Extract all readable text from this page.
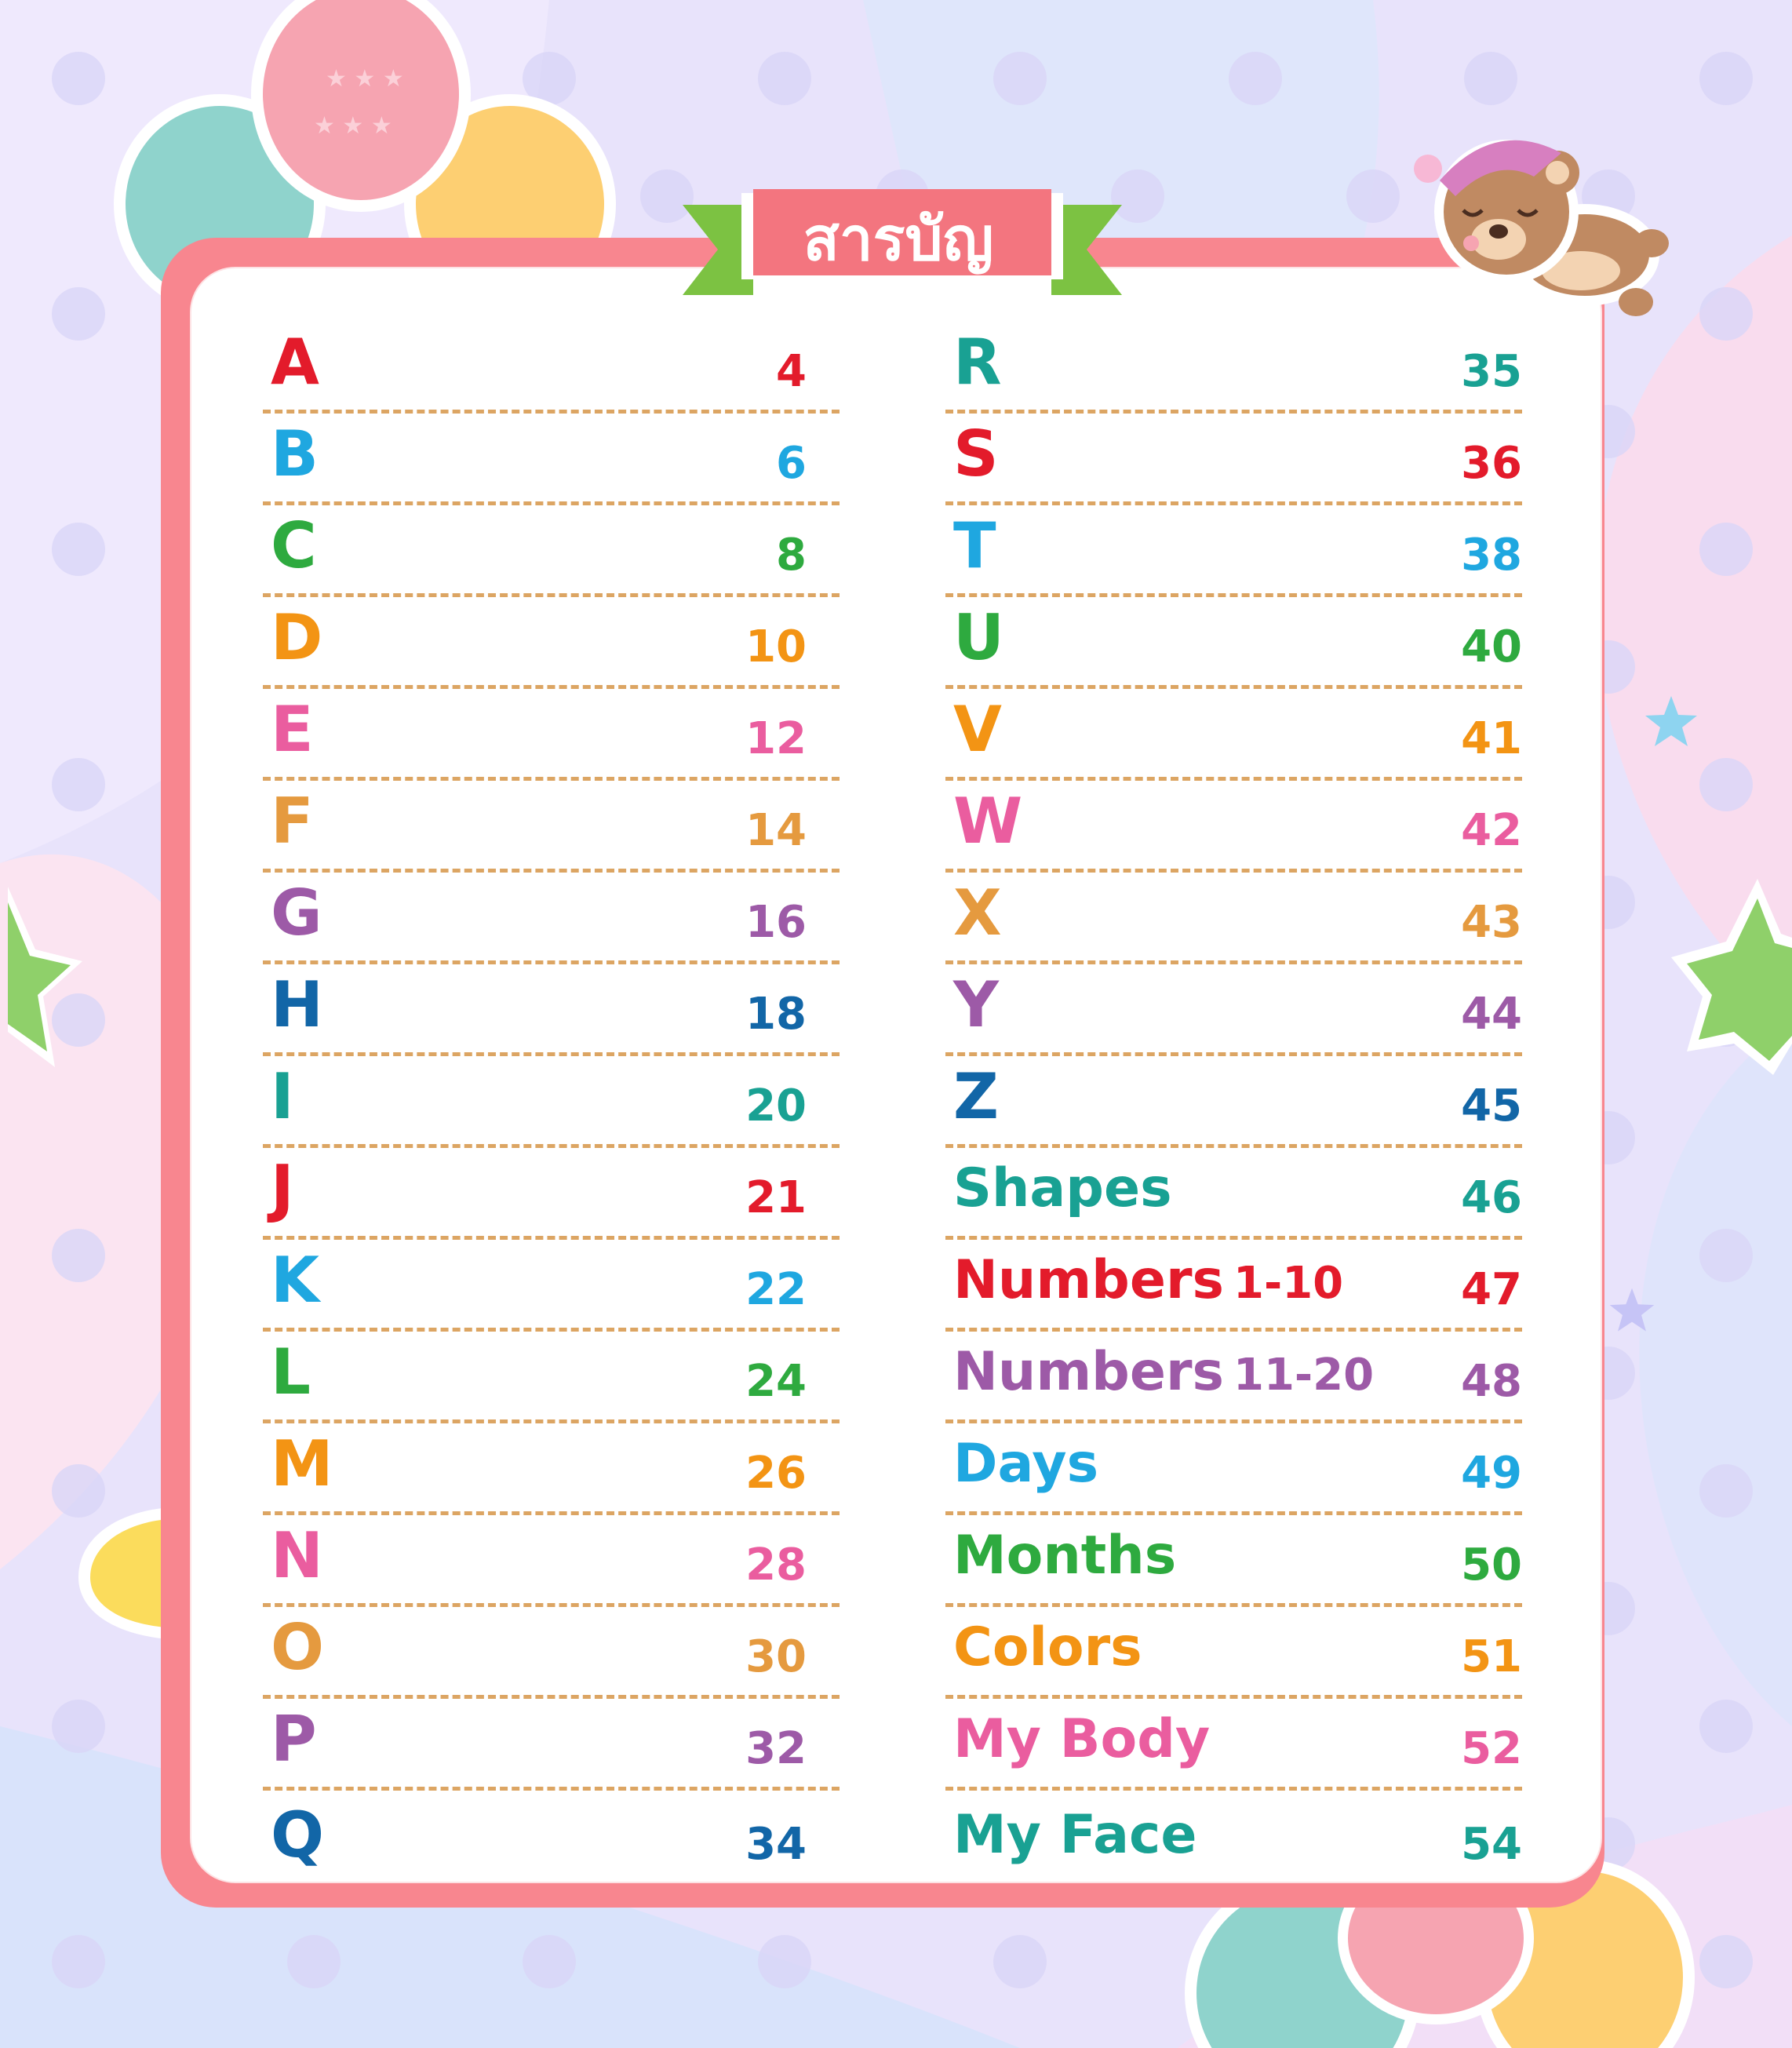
★ ★ ★
★ ★ ★
สารบัญ
A	4
B	6
C	8
D	10
E	12
F	14
G	16
H	18
I	20
J	21
K	22
L	24
M	26
N	28
O	30
P	32
Q	34
R	35
S	36
T	38
U	40
V	41
W	42
X	43
Y	44
Z	45
Shapes	46
Numbers 1-10	47
Numbers 11-20 48
Days	49
Months	50
Colors	51
My Body	52
My Face	54
